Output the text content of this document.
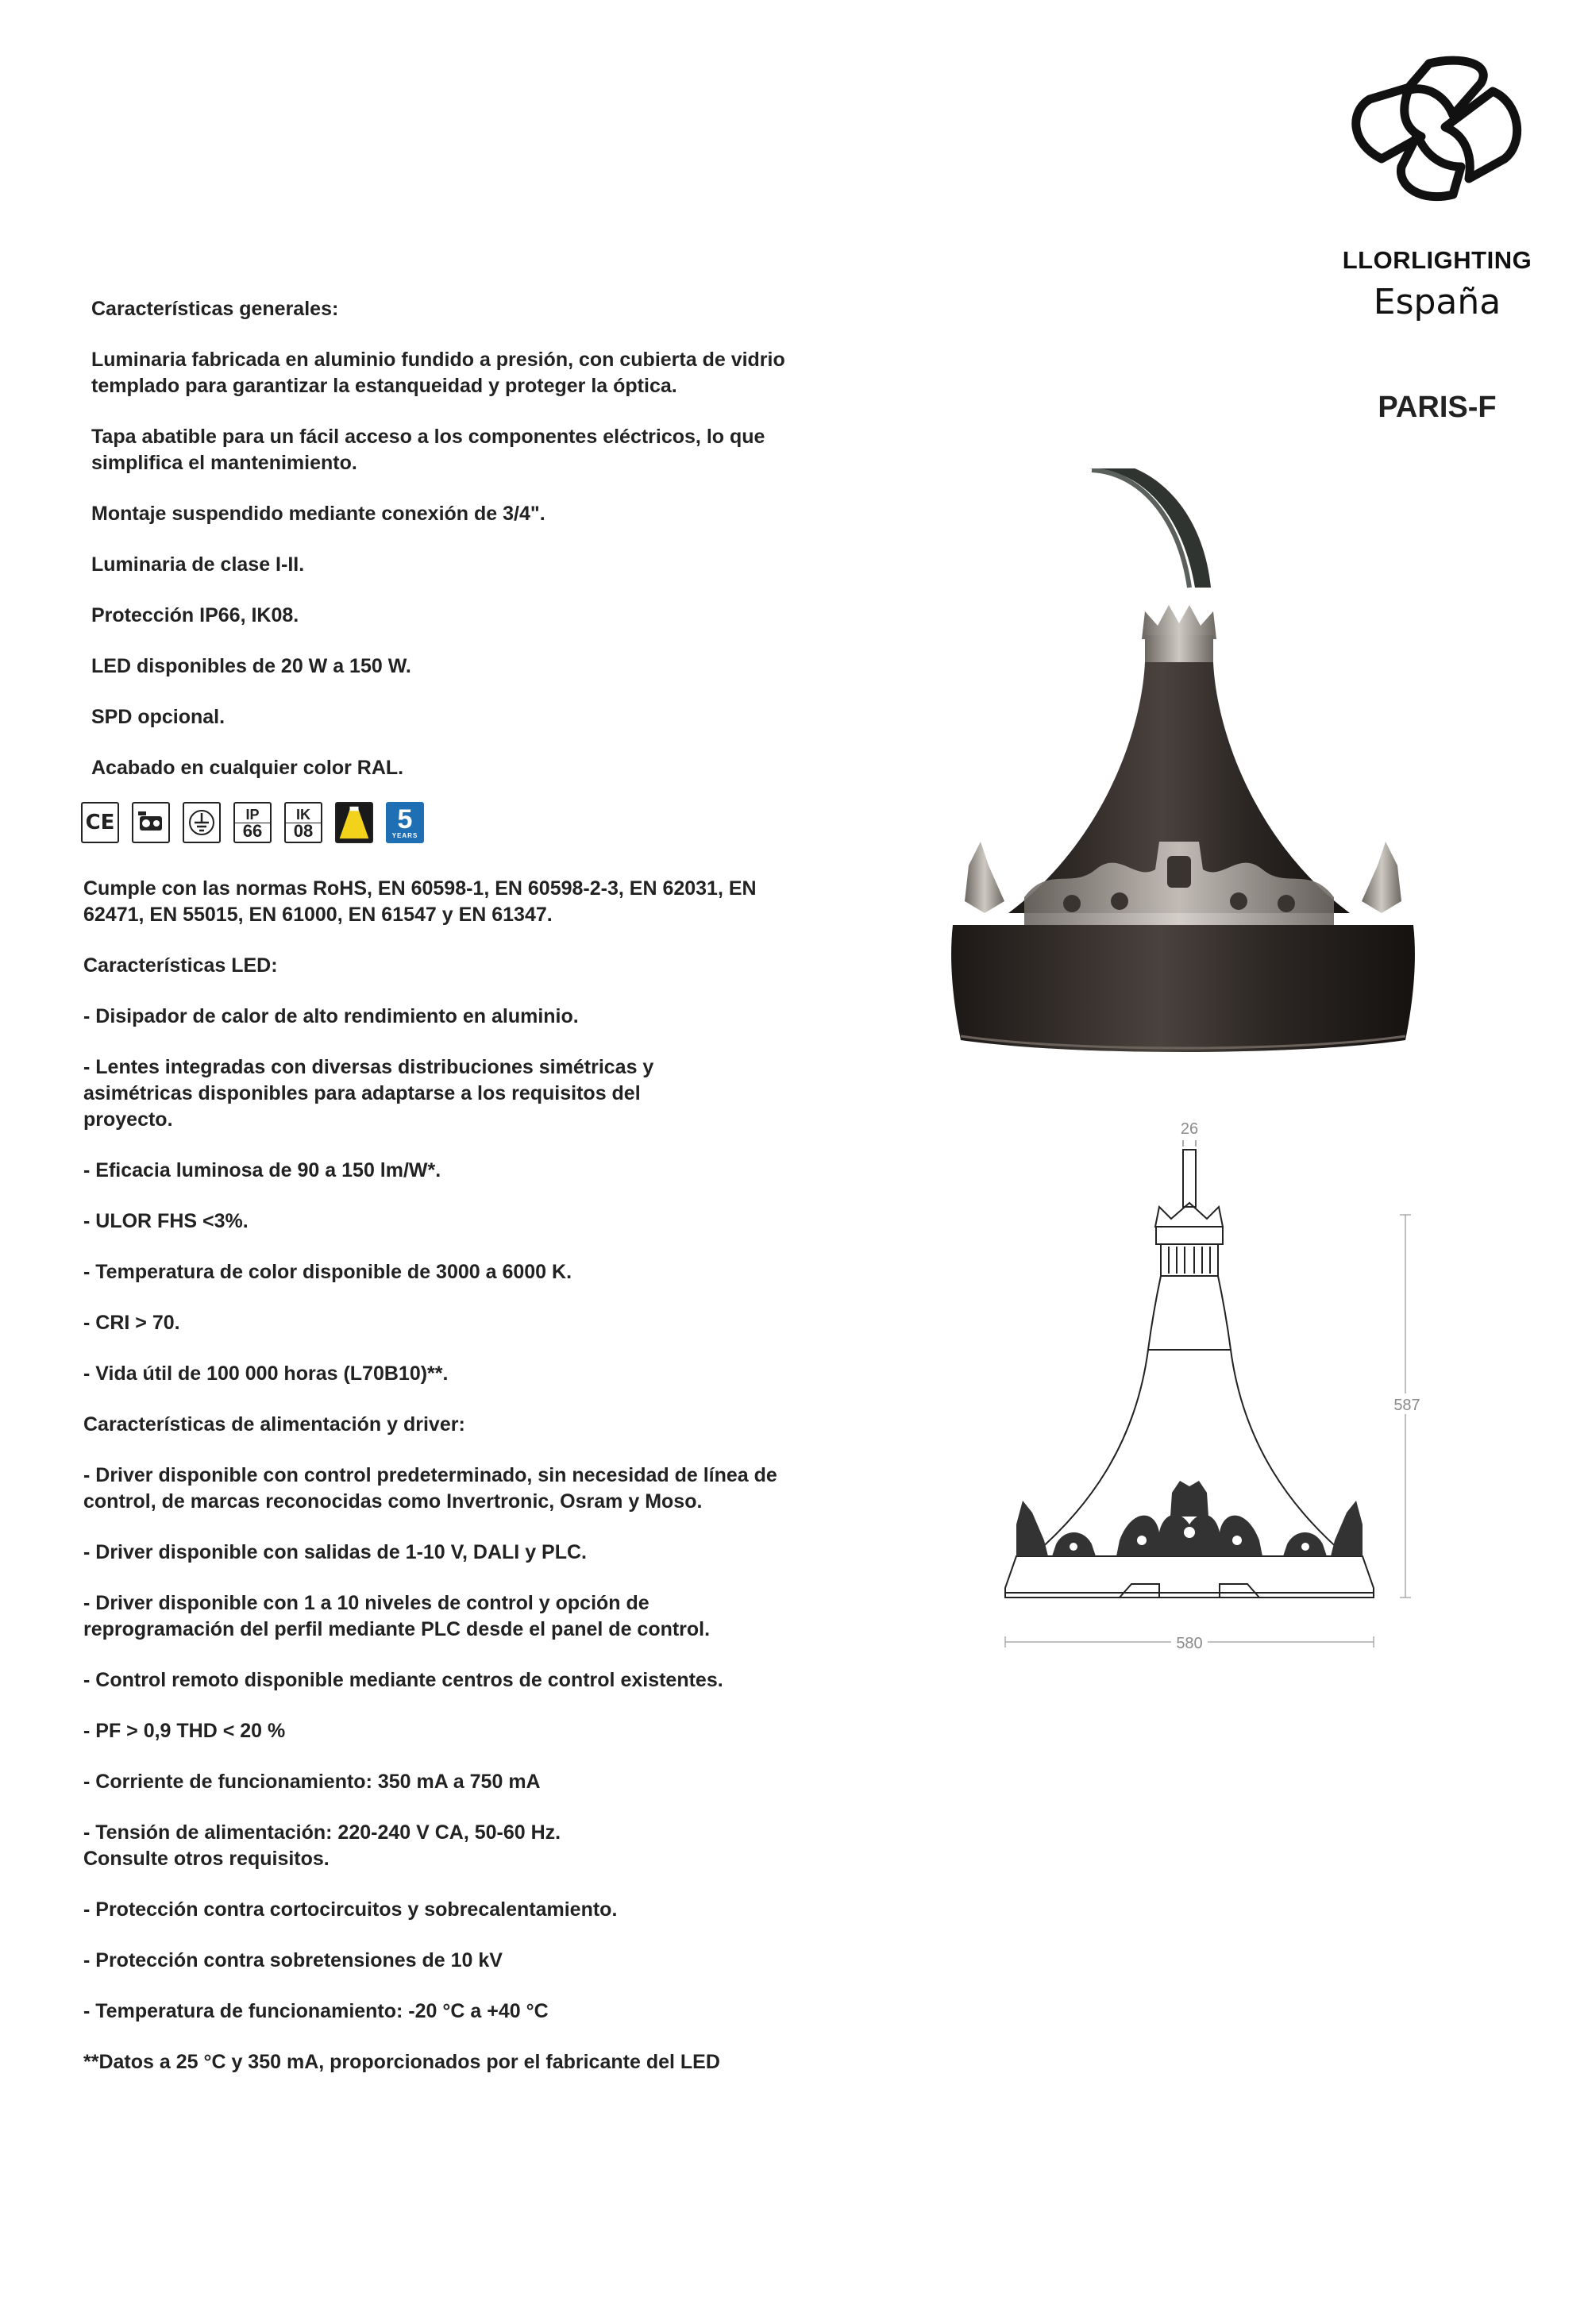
LLORLIGHTING
España
PARIS-F

Características generales:

Luminaria fabricada en aluminio fundido a presión, con cubierta de vidrio templado para garantizar la estanqueidad y proteger la óptica.

Tapa abatible para un fácil acceso a los componentes eléctricos, lo que simplifica el mantenimiento.

Montaje suspendido mediante conexión de 3/4".

Luminaria de clase I-II.

Protección IP66, IK08.

LED disponibles de 20 W a 150 W.

SPD opcional.

Acabado en cualquier color RAL.

CE	IP
66
IK
08	5
YEARS

Cumple con las normas RoHS, EN 60598-1, EN 60598-2-3, EN 62031, EN 62471, EN 55015, EN 61000, EN 61547 y EN 61347.

Características LED:

- Disipador de calor de alto rendimiento en aluminio.

- Lentes integradas con diversas distribuciones simétricas y asimétricas disponibles para adaptarse a los requisitos del proyecto.

- Eficacia luminosa de 90 a 150 lm/W*.

- ULOR FHS <3%.

- Temperatura de color disponible de 3000 a 6000 K.

- CRI > 70.

- Vida útil de 100 000 horas (L70B10)**.

Características de alimentación y driver:

- Driver disponible con control predeterminado, sin necesidad de línea de control, de marcas reconocidas como Invertronic, Osram y Moso.

- Driver disponible con salidas de 1-10 V, DALI y PLC.

- Driver disponible con 1 a 10 niveles de control y opción de reprogramación del perfil mediante PLC desde el panel de control.

- Control remoto disponible mediante centros de control existentes.

- PF > 0,9 THD < 20 %

- Corriente de funcionamiento: 350 mA a 750 mA

- Tensión de alimentación: 220-240 V CA, 50-60 Hz.

Consulte otros requisitos.

- Protección contra cortocircuitos y sobrecalentamiento.

- Protección contra sobretensiones de 10 kV

- Temperatura de funcionamiento: -20 °C a +40 °C

**Datos a 25 °C y 350 mA, proporcionados por el fabricante del LED

26
587
580
